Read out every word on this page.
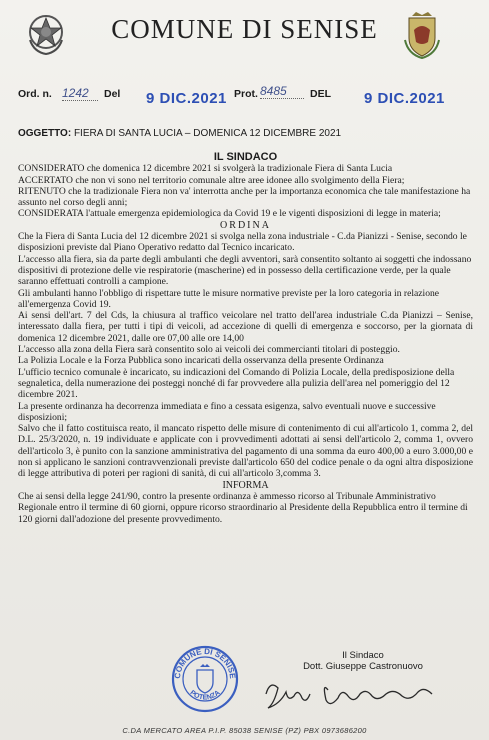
COMUNE DI SENISE
Ord. n. 1242	Del 9 DIC.2021 Prot. 8485	DEL 9 DIC.2021
OGGETTO: FIERA DI SANTA LUCIA – DOMENICA 12 DICEMBRE 2021

IL SINDACO

CONSIDERATO che domenica 12 dicembre 2021 si svolgerà la tradizionale Fiera di Santa Lucia

ACCERTATO che non vi sono nel territorio comunale altre aree idonee allo svolgimento della Fiera;

RITENUTO che la tradizionale Fiera non va' interrotta anche per la importanza economica che tale manifestazione ha assunto nel corso degli anni;

CONSIDERATA l'attuale emergenza epidemiologica da Covid 19 e le vigenti disposizioni di legge in materia;

ORDINA

Che la Fiera di Santa Lucia del 12 dicembre 2021 si svolga nella zona industriale - C.da Pianizzi - Senise, secondo le disposizioni previste dal Piano Operativo redatto dal Tecnico incaricato.

L'accesso alla fiera, sia da parte degli ambulanti che degli avventori, sarà consentito soltanto ai soggetti che indossano dispositivi di protezione delle vie respiratorie (mascherine) ed in possesso della certificazione verde, per la quale saranno effettuati controlli a campione.

Gli ambulanti hanno l'obbligo di rispettare tutte le misure normative previste per la loro categoria in relazione all'emergenza Covid 19.

Ai sensi dell'art. 7 del Cds, la chiusura al traffico veicolare nel tratto dell'area industriale C.da Pianizzi – Senise, interessato dalla fiera, per tutti i tipi di veicoli, ad accezione di quelli di emergenza e soccorso, per la giornata di domenica 12 dicembre 2021, dalle ore 07,00 alle ore 14,00

L'accesso alla zona della Fiera sarà consentito solo ai veicoli dei commercianti titolari di posteggio.

La Polizia Locale e la Forza Pubblica sono incaricati della osservanza della presente Ordinanza

L'ufficio tecnico comunale è incaricato, su indicazioni del Comando di Polizia Locale, della predisposizione della segnaletica, della numerazione dei posteggi nonché di far provvedere alla pulizia dell'area nel pomeriggio del 12 dicembre 2021.

La presente ordinanza ha decorrenza immediata e fino a cessata esigenza, salvo eventuali nuove e successive disposizioni;

Salvo che il fatto costituisca reato, il mancato rispetto delle misure di contenimento di cui all'articolo 1, comma 2, del D.L. 25/3/2020, n. 19 individuate e applicate con i provvedimenti adottati ai sensi dell'articolo 2, comma 1, ovvero dell'articolo 3, è punito con la sanzione amministrativa del pagamento di una somma da euro 400,00 a euro 3.000,00 e non si applicano le sanzioni contravvenzionali previste dall'articolo 650 del codice penale o da ogni altra disposizione di legge attributiva di poteri per ragioni di sanità, di cui all'articolo 3,comma 3.

INFORMA

Che ai sensi della legge 241/90, contro la presente ordinanza è ammesso ricorso al Tribunale Amministrativo Regionale entro il termine di 60 giorni, oppure ricorso straordinario al Presidente della Repubblica entro il termine di 120 giorni dall'adozione del presente provvedimento.

COMUNE DI SENISE
POTENZA
Il Sindaco
Dott. Giuseppe Castronuovo
C.DA MERCATO AREA P.I.P. 85038 SENISE (PZ) PBX 0973686200
